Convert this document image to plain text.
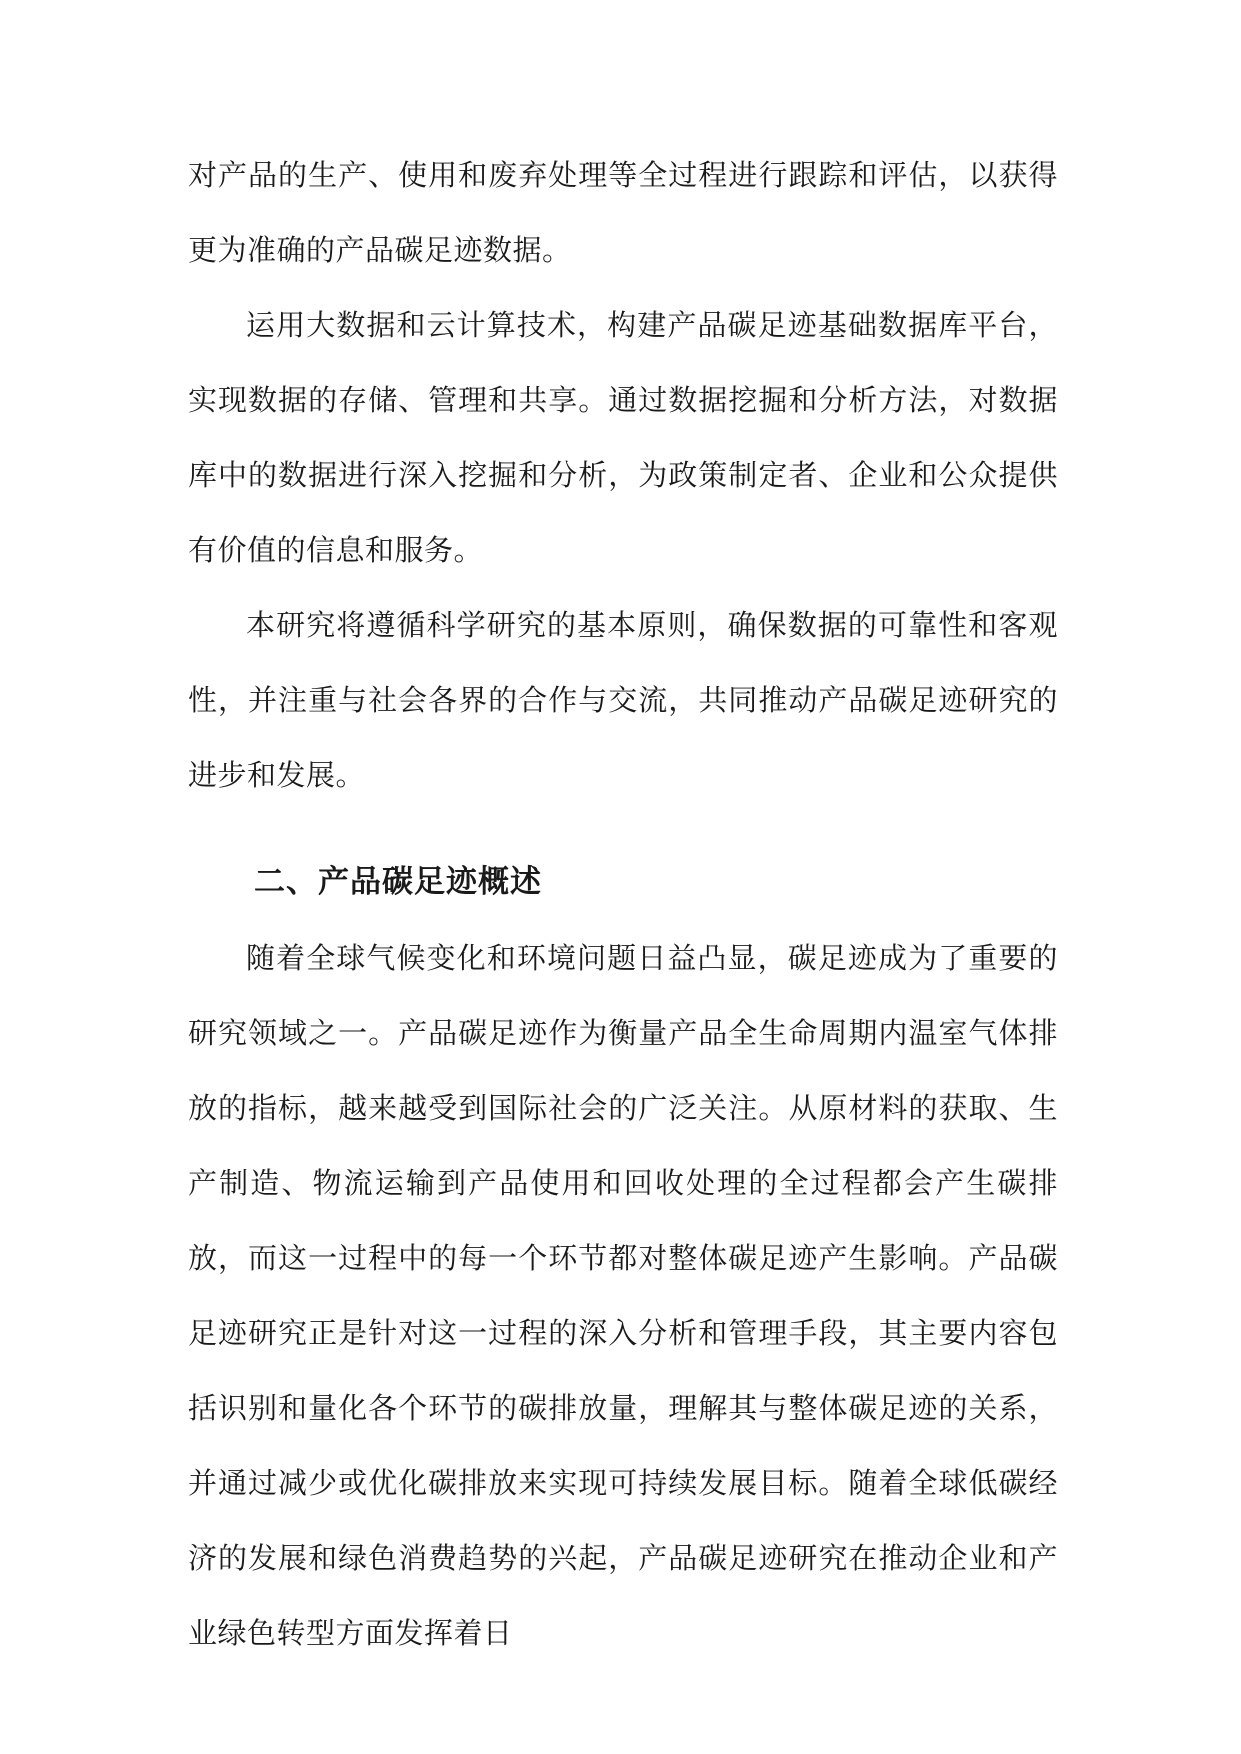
对产品的生产、使用和废弃处理等全过程进行跟踪和评估，以获得更为准确的产品碳足迹数据。

运用大数据和云计算技术，构建产品碳足迹基础数据库平台，实现数据的存储、管理和共享。通过数据挖掘和分析方法，对数据库中的数据进行深入挖掘和分析，为政策制定者、企业和公众提供有价值的信息和服务。

本研究将遵循科学研究的基本原则，确保数据的可靠性和客观性，并注重与社会各界的合作与交流，共同推动产品碳足迹研究的进步和发展。

二、产品碳足迹概述

随着全球气候变化和环境问题日益凸显，碳足迹成为了重要的研究领域之一。产品碳足迹作为衡量产品全生命周期内温室气体排放的指标，越来越受到国际社会的广泛关注。从原材料的获取、生产制造、物流运输到产品使用和回收处理的全过程都会产生碳排放，而这一过程中的每一个环节都对整体碳足迹产生影响。产品碳足迹研究正是针对这一过程的深入分析和管理手段，其主要内容包括识别和量化各个环节的碳排放量，理解其与整体碳足迹的关系，并通过减少或优化碳排放来实现可持续发展目标。随着全球低碳经济的发展和绿色消费趋势的兴起，产品碳足迹研究在推动企业和产业绿色转型方面发挥着日
